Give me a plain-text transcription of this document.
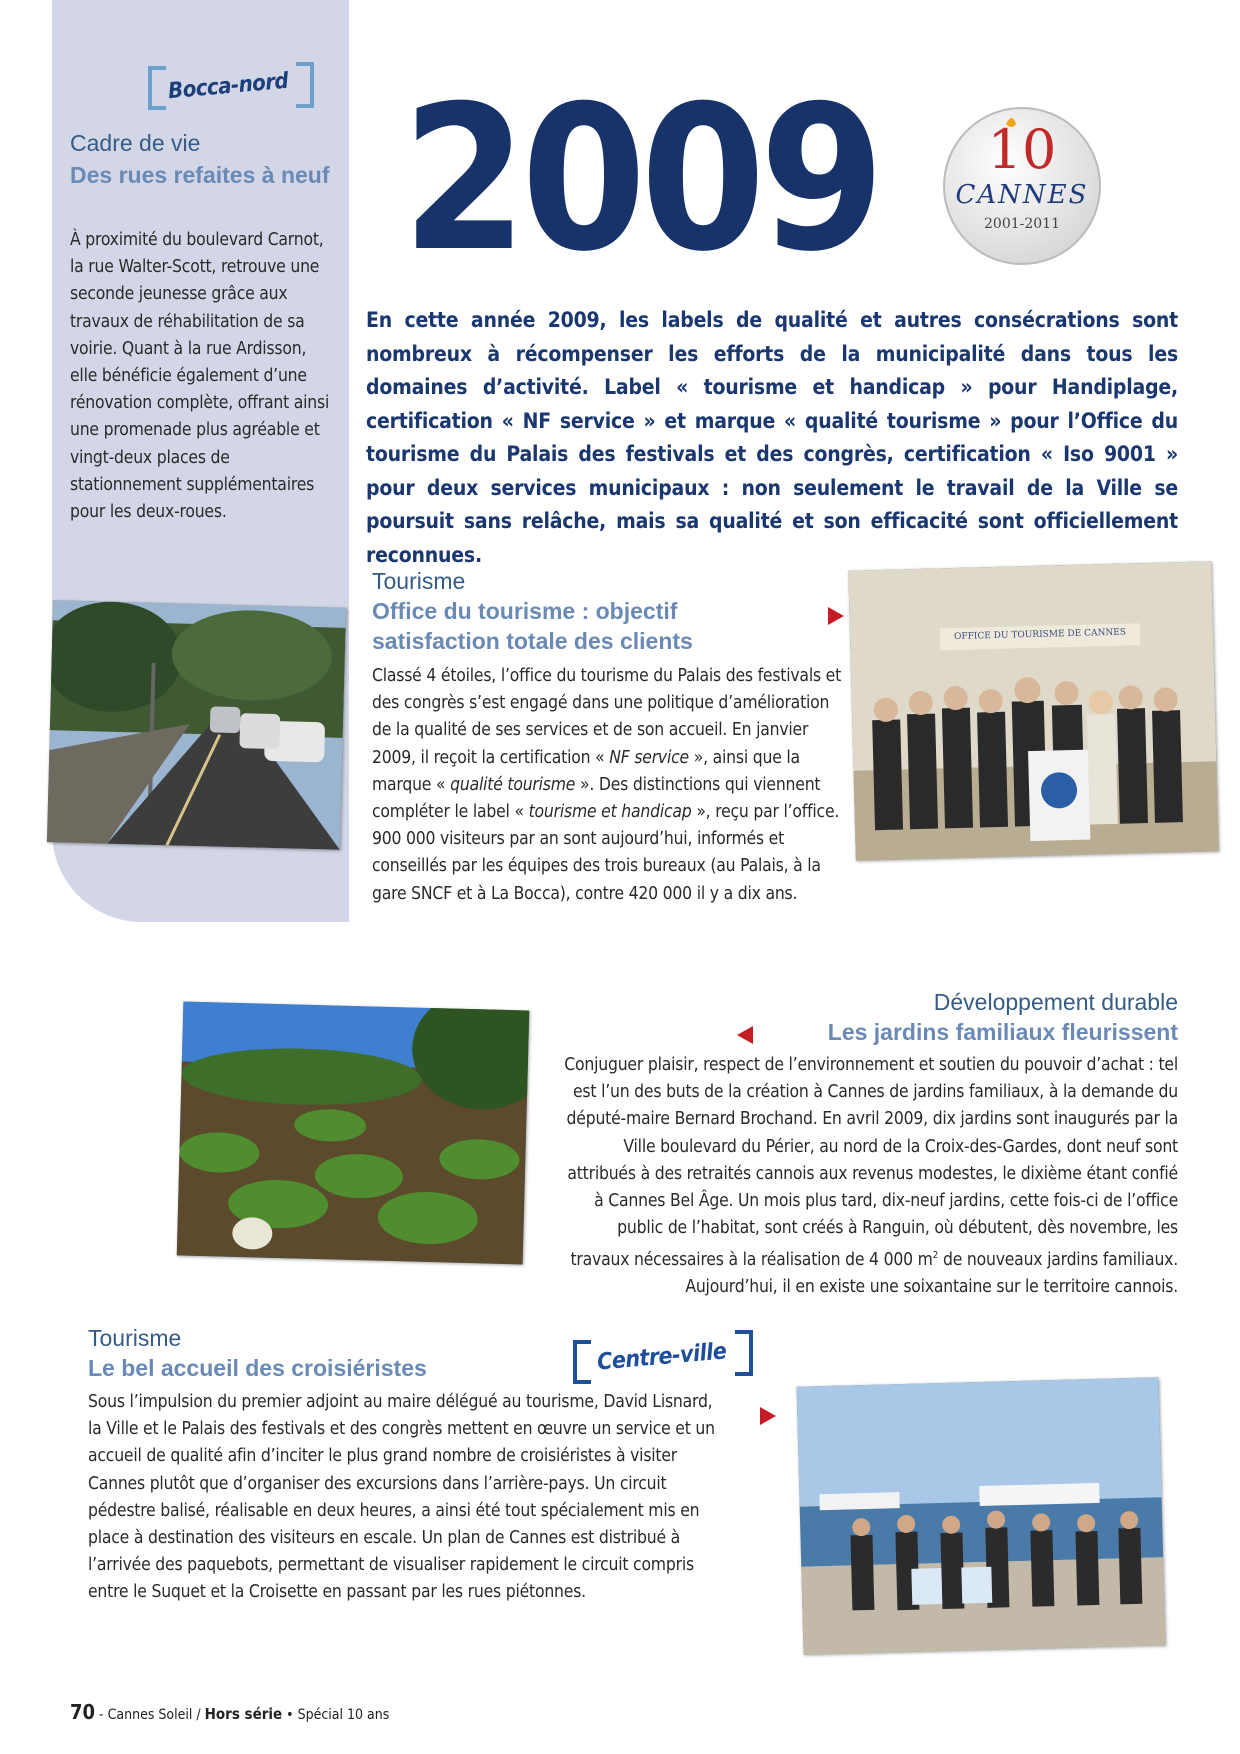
Bocca-nord
Cadre de vie
Des rues refaites à neuf
À proximité du boulevard Carnot, la rue Walter-Scott, retrouve une seconde jeunesse grâce aux travaux de réhabilitation de sa voirie. Quant à la rue Ardisson, elle bénéficie également d’une rénovation complète, offrant ainsi une promenade plus agréable et vingt-deux places de stationnement supplémentaires pour les deux-roues.
2009	10
CANNES
2001-2011
En cette année 2009, les labels de qualité et autres consécrations sont nombreux à récompenser les efforts de la municipalité dans tous les domaines d’activité. Label « tourisme et handicap » pour Handiplage, certification « NF service » et marque « qualité tourisme » pour l’Office du tourisme du Palais des festivals et des congrès, certification « Iso 9001 » pour deux services municipaux : non seulement le travail de la Ville se poursuit sans relâche, mais sa qualité et son efficacité sont officiellement reconnues.
Tourisme
Office du tourisme : objectif satisfaction totale des clients
Classé 4 étoiles, l’office du tourisme du Palais des festivals et des congrès s’est engagé dans une politique d’amélioration de la qualité de ses services et de son accueil. En janvier 2009, il reçoit la certification « NF service », ainsi que la marque « qualité tourisme ». Des distinctions qui viennent compléter le label « tourisme et handicap », reçu par l’office. 900 000 visiteurs par an sont aujourd’hui, informés et conseillés par les équipes des trois bureaux (au Palais, à la gare SNCF et à La Bocca), contre 420 000 il y a dix ans.
OFFICE DU TOURISME DE CANNES
Développement durable
Les jardins familiaux fleurissent
Conjuguer plaisir, respect de l’environnement et soutien du pouvoir d’achat : tel est l’un des buts de la création à Cannes de jardins familiaux, à la demande du député-maire Bernard Brochand. En avril 2009, dix jardins sont inaugurés par la Ville boulevard du Périer, au nord de la Croix-des-Gardes, dont neuf sont attribués à des retraités cannois aux revenus modestes, le dixième étant confié à Cannes Bel Âge. Un mois plus tard, dix-neuf jardins, cette fois-ci de l’office public de l’habitat, sont créés à Ranguin, où débutent, dès novembre, les travaux nécessaires à la réalisation de 4 000 $m^2$ de nouveaux jardins familiaux. Aujourd’hui, il en existe une soixantaine sur le territoire cannois.
Tourisme
Le bel accueil des croisiéristes
Sous l’impulsion du premier adjoint au maire délégué au tourisme, David Lisnard, la Ville et le Palais des festivals et des congrès mettent en œuvre un service et un accueil de qualité afin d’inciter le plus grand nombre de croisiéristes à visiter Cannes plutôt que d’organiser des excursions dans l’arrière-pays. Un circuit pédestre balisé, réalisable en deux heures, a ainsi été tout spécialement mis en place à destination des visiteurs en escale. Un plan de Cannes est distribué à l’arrivée des paquebots, permettant de visualiser rapidement le circuit compris entre le Suquet et la Croisette en passant par les rues piétonnes.
Centre-ville
70 - Cannes Soleil / Hors série • Spécial 10 ans
